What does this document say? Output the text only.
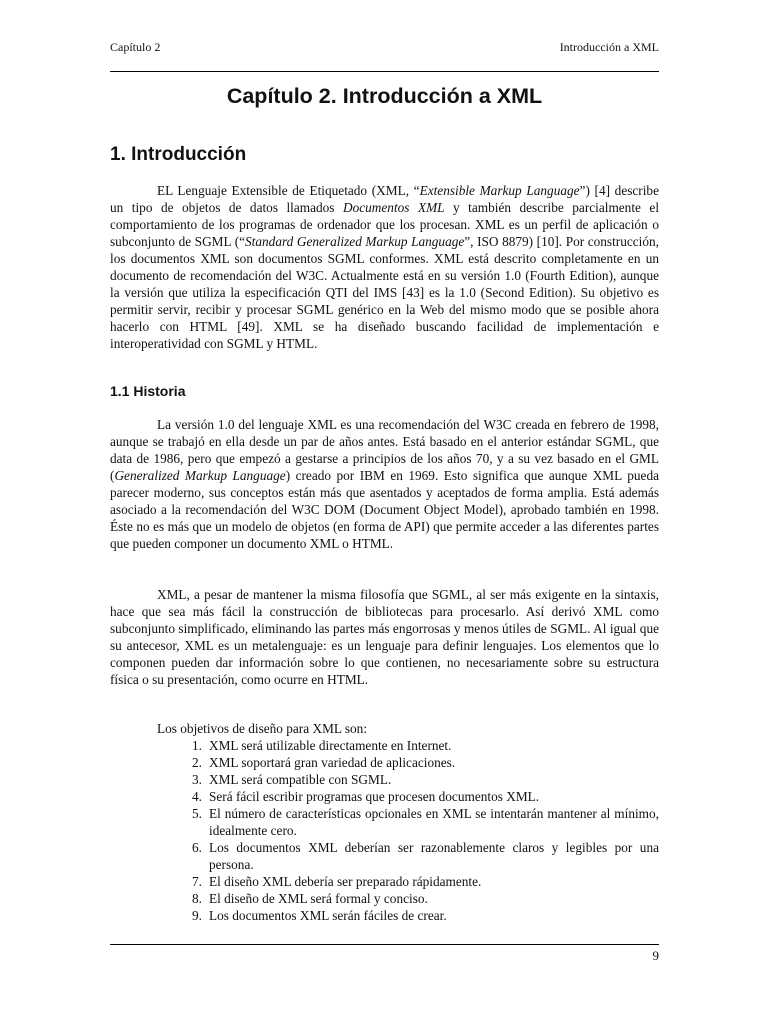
Capítulo 2	Introducción a XML
Capítulo 2. Introducción a XML
1. Introducción

EL Lenguaje Extensible de Etiquetado (XML, “Extensible Markup Language”) [4] describe un tipo de objetos de datos llamados Documentos XML y también describe parcialmente el comportamiento de los programas de ordenador que los procesan. XML es un perfil de aplicación o subconjunto de SGML (“Standard Generalized Markup Language”, ISO 8879) [10]. Por construcción, los documentos XML son documentos SGML conformes. XML está descrito completamente en un documento de recomendación del W3C. Actualmente está en su versión 1.0 (Fourth Edition), aunque la versión que utiliza la especificación QTI del IMS [43] es la 1.0 (Second Edition). Su objetivo es permitir servir, recibir y procesar SGML genérico en la Web del mismo modo que se posible ahora hacerlo con HTML [49]. XML se ha diseñado buscando facilidad de implementación e interoperatividad con SGML y HTML.

1.1 Historia

La versión 1.0 del lenguaje XML es una recomendación del W3C creada en febrero de 1998, aunque se trabajó en ella desde un par de años antes. Está basado en el anterior estándar SGML, que data de 1986, pero que empezó a gestarse a principios de los años 70, y a su vez basado en el GML (Generalized Markup Language) creado por IBM en 1969. Esto significa que aunque XML pueda parecer moderno, sus conceptos están más que asentados y aceptados de forma amplia. Está además asociado a la recomendación del W3C DOM (Document Object Model), aprobado también en 1998. Éste no es más que un modelo de objetos (en forma de API) que permite acceder a las diferentes partes que pueden componer un documento XML o HTML.

XML, a pesar de mantener la misma filosofía que SGML, al ser más exigente en la sintaxis, hace que sea más fácil la construcción de bibliotecas para procesarlo. Así derivó XML como subconjunto simplificado, eliminando las partes más engorrosas y menos útiles de SGML. Al igual que su antecesor, XML es un metalenguaje: es un lenguaje para definir lenguajes. Los elementos que lo componen pueden dar información sobre lo que contienen, no necesariamente sobre su estructura física o su presentación, como ocurre en HTML.

Los objetivos de diseño para XML son:

1. XML será utilizable directamente en Internet.
2. XML soportará gran variedad de aplicaciones.
3. XML será compatible con SGML.
4. Será fácil escribir programas que procesen documentos XML.
5. El número de características opcionales en XML se intentarán mantener al mínimo, idealmente cero.
6. Los documentos XML deberían ser razonablemente claros y legibles por una persona.
7. El diseño XML debería ser preparado rápidamente.
8. El diseño de XML será formal y conciso.
9. Los documentos XML serán fáciles de crear.
9
